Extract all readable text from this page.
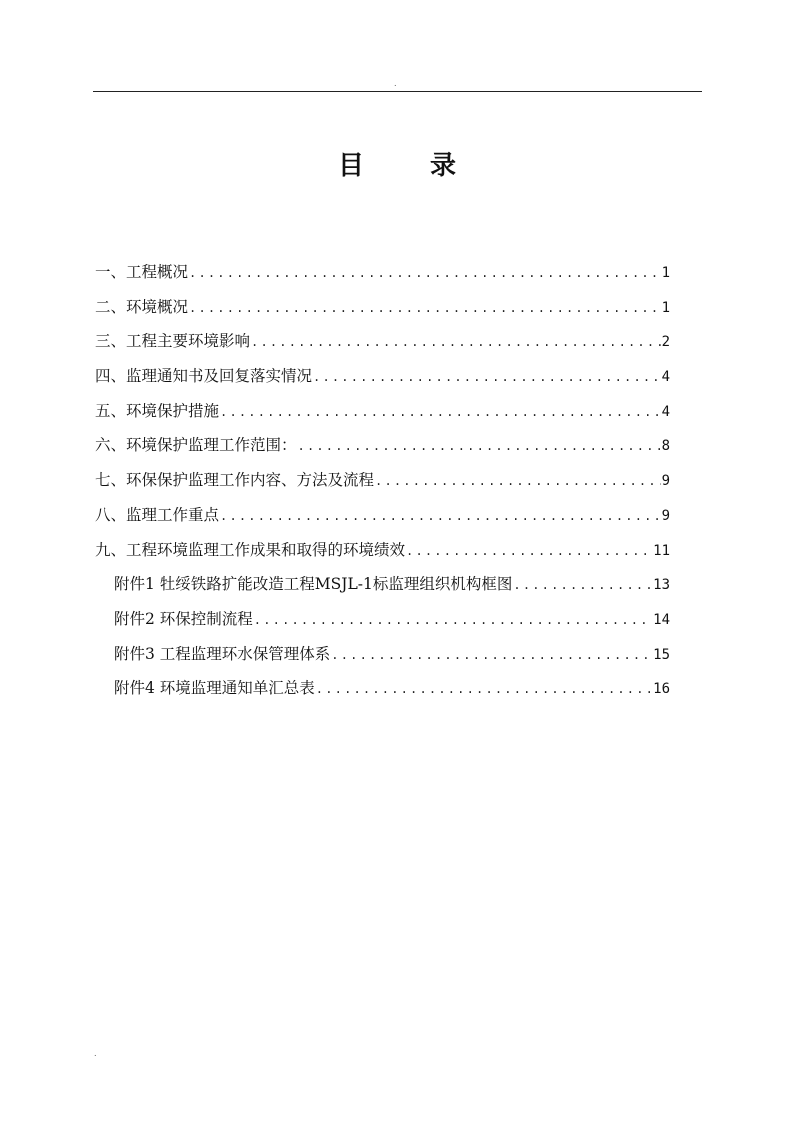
.
目录
一、工程概况 .....	1
二、环境概况 .....	1
三、工程主要环境影响 .....	2
四、监理通知书及回复落实情况 .....	4
五、环境保护措施 .....	4
六、环境保护监理工作范围： .....	8
七、环保保护监理工作内容、方法及流程 .....	9
八、监理工作重点 .....	9
九、工程环境监理工作成果和取得的环境绩效 .....	11
附件1 牡绥铁路扩能改造工程MSJL-1标监理组织机构框图 .....	13
附件2 环保控制流程 .....	14
附件3 工程监理环水保管理体系 .....	15
附件4 环境监理通知单汇总表 .....	16
.
